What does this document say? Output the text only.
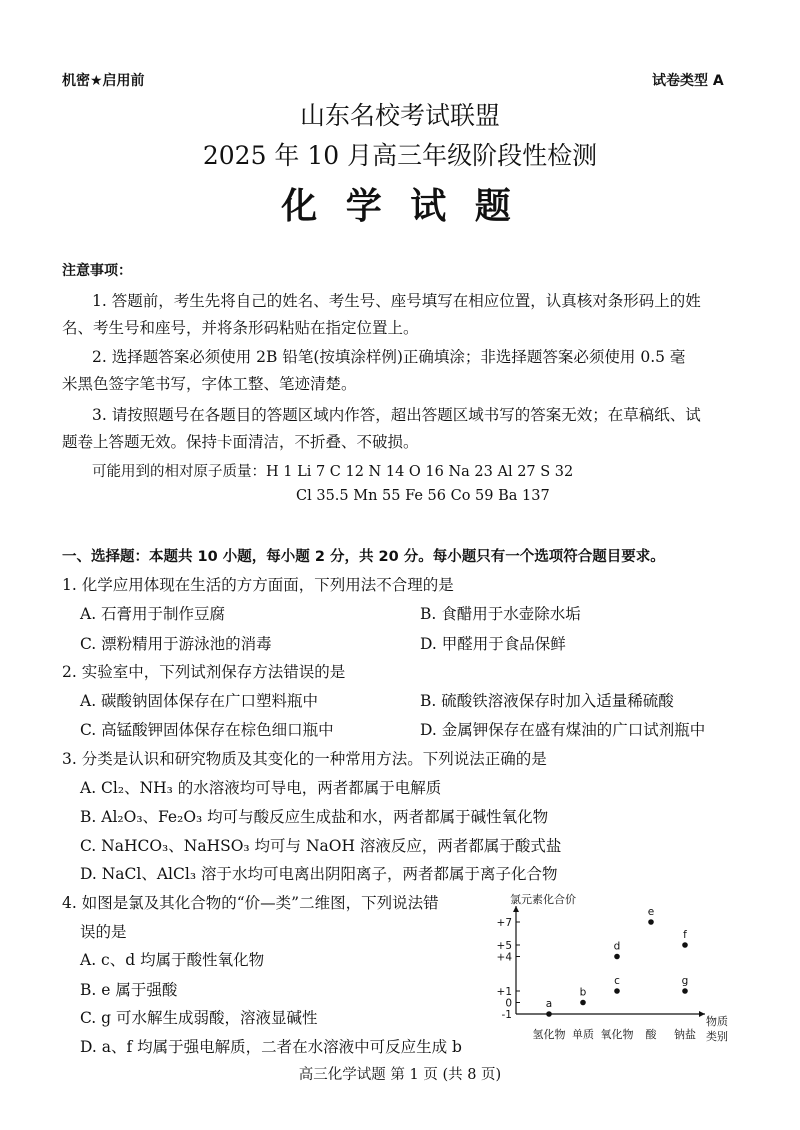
机密★启用前	试卷类型 A
山东名校考试联盟
2025 年 10 月高三年级阶段性检测
化 学 试 题
注意事项：
1. 答题前，考生先将自己的姓名、考生号、座号填写在相应位置，认真核对条形码上的姓
名、考生号和座号，并将条形码粘贴在指定位置上。
2. 选择题答案必须使用 2B 铅笔(按填涂样例)正确填涂；非选择题答案必须使用 0.5 毫
米黑色签字笔书写，字体工整、笔迹清楚。
3. 请按照题号在各题目的答题区域内作答，超出答题区域书写的答案无效；在草稿纸、试
题卷上答题无效。保持卡面清洁，不折叠、不破损。
可能用到的相对原子质量：H 1 Li 7 C 12 N 14 O 16 Na 23 Al 27 S 32
Cl 35.5 Mn 55 Fe 56 Co 59 Ba 137
一、选择题：本题共 10 小题，每小题 2 分，共 20 分。每小题只有一个选项符合题目要求。
1. 化学应用体现在生活的方方面面，下列用法不合理的是
A. 石膏用于制作豆腐	B. 食醋用于水壶除水垢
C. 漂粉精用于游泳池的消毒	D. 甲醛用于食品保鲜
2. 实验室中，下列试剂保存方法错误的是
A. 碳酸钠固体保存在广口塑料瓶中	B. 硫酸铁溶液保存时加入适量稀硫酸
C. 高锰酸钾固体保存在棕色细口瓶中	D. 金属钾保存在盛有煤油的广口试剂瓶中
3. 分类是认识和研究物质及其变化的一种常用方法。下列说法正确的是
A. Cl₂、NH₃ 的水溶液均可导电，两者都属于电解质
B. Al₂O₃、Fe₂O₃ 均可与酸反应生成盐和水，两者都属于碱性氧化物
C. NaHCO₃、NaHSO₃ 均可与 NaOH 溶液反应，两者都属于酸式盐
D. NaCl、AlCl₃ 溶于水均可电离出阴阳离子，两者都属于离子化合物
4. 如图是氯及其化合物的“价—类”二维图，下列说法错
误的是
A. c、d 均属于酸性氧化物
B. e 属于强酸
C. g 可水解生成弱酸，溶液显碱性
D. a、f 均属于强电解质，二者在水溶液中可反应生成 b
氯元素化合价
物质
类别
+7
+5
+4
+1
0
-1
氢化物 单质 氧化物 酸 钠盐
a
b
c
d
e
f
g
高三化学试题 第 1 页 (共 8 页)
